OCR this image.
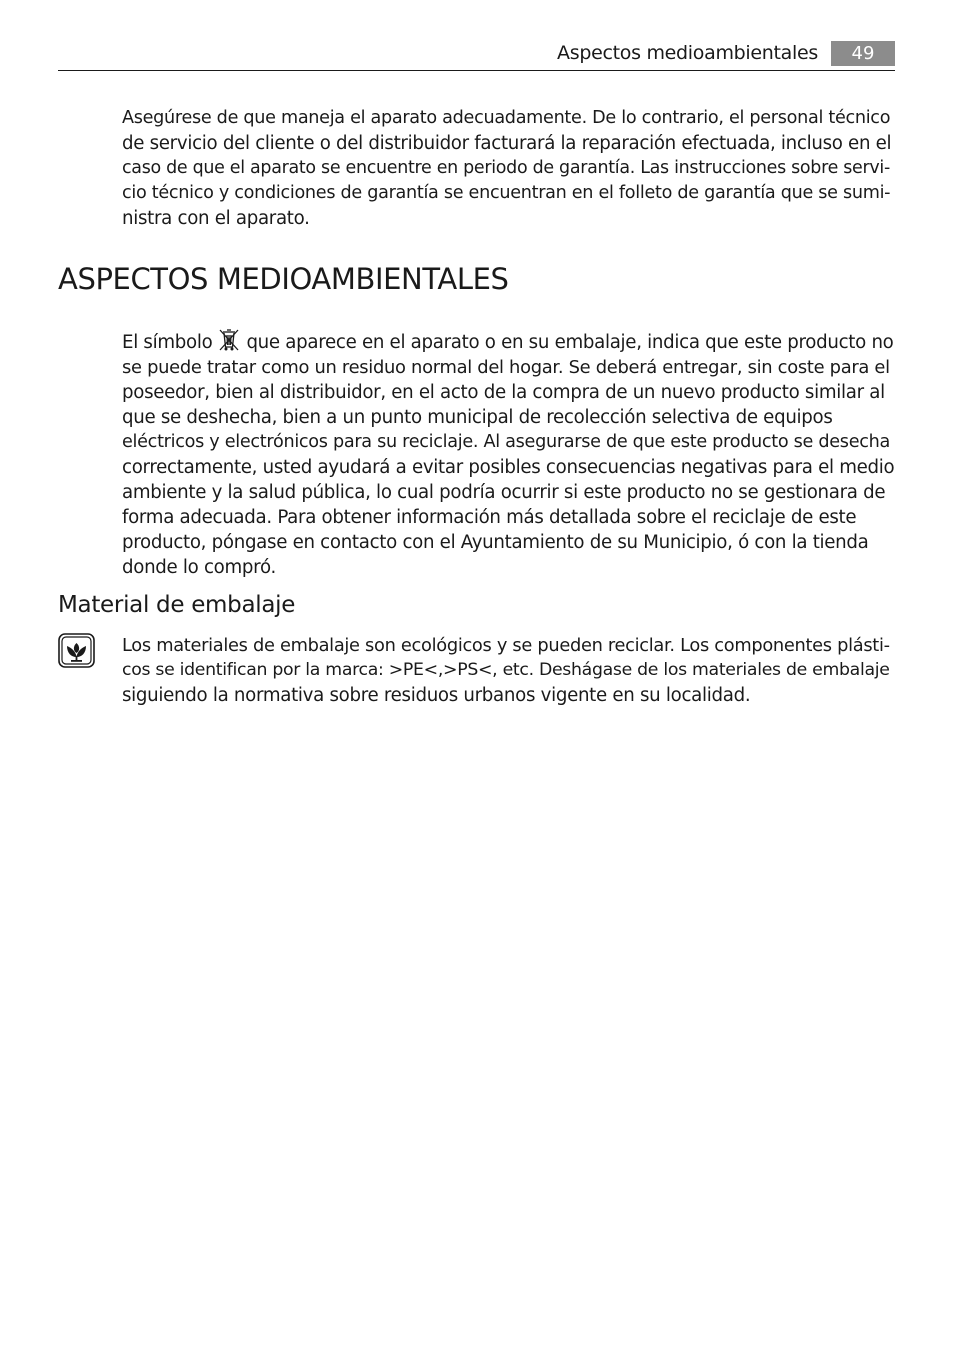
Aspectos medioambientales	49

Asegúrese de que maneja el aparato adecuadamente. De lo contrario, el personal técnico

de servicio del cliente o del distribuidor facturará la reparación efectuada, incluso en el

caso de que el aparato se encuentre en periodo de garantía. Las instrucciones sobre servi-

cio técnico y condiciones de garantía se encuentran en el folleto de garantía que se sumi-

nistra con el aparato.

ASPECTOS MEDIOAMBIENTALES

El símbolo que aparece en el aparato o en su embalaje, indica que este producto no

se puede tratar como un residuo normal del hogar. Se deberá entregar, sin coste para el

poseedor, bien al distribuidor, en el acto de la compra de un nuevo producto similar al

que se deshecha, bien a un punto municipal de recolección selectiva de equipos

eléctricos y electrónicos para su reciclaje. Al asegurarse de que este producto se desecha

correctamente, usted ayudará a evitar posibles consecuencias negativas para el medio

ambiente y la salud pública, lo cual podría ocurrir si este producto no se gestionara de

forma adecuada. Para obtener información más detallada sobre el reciclaje de este

producto, póngase en contacto con el Ayuntamiento de su Municipio, ó con la tienda

donde lo compró.

Material de embalaje

Los materiales de embalaje son ecológicos y se pueden reciclar. Los componentes plásti-

cos se identifican por la marca: >PE<,>PS<, etc. Deshágase de los materiales de embalaje

siguiendo la normativa sobre residuos urbanos vigente en su localidad.
